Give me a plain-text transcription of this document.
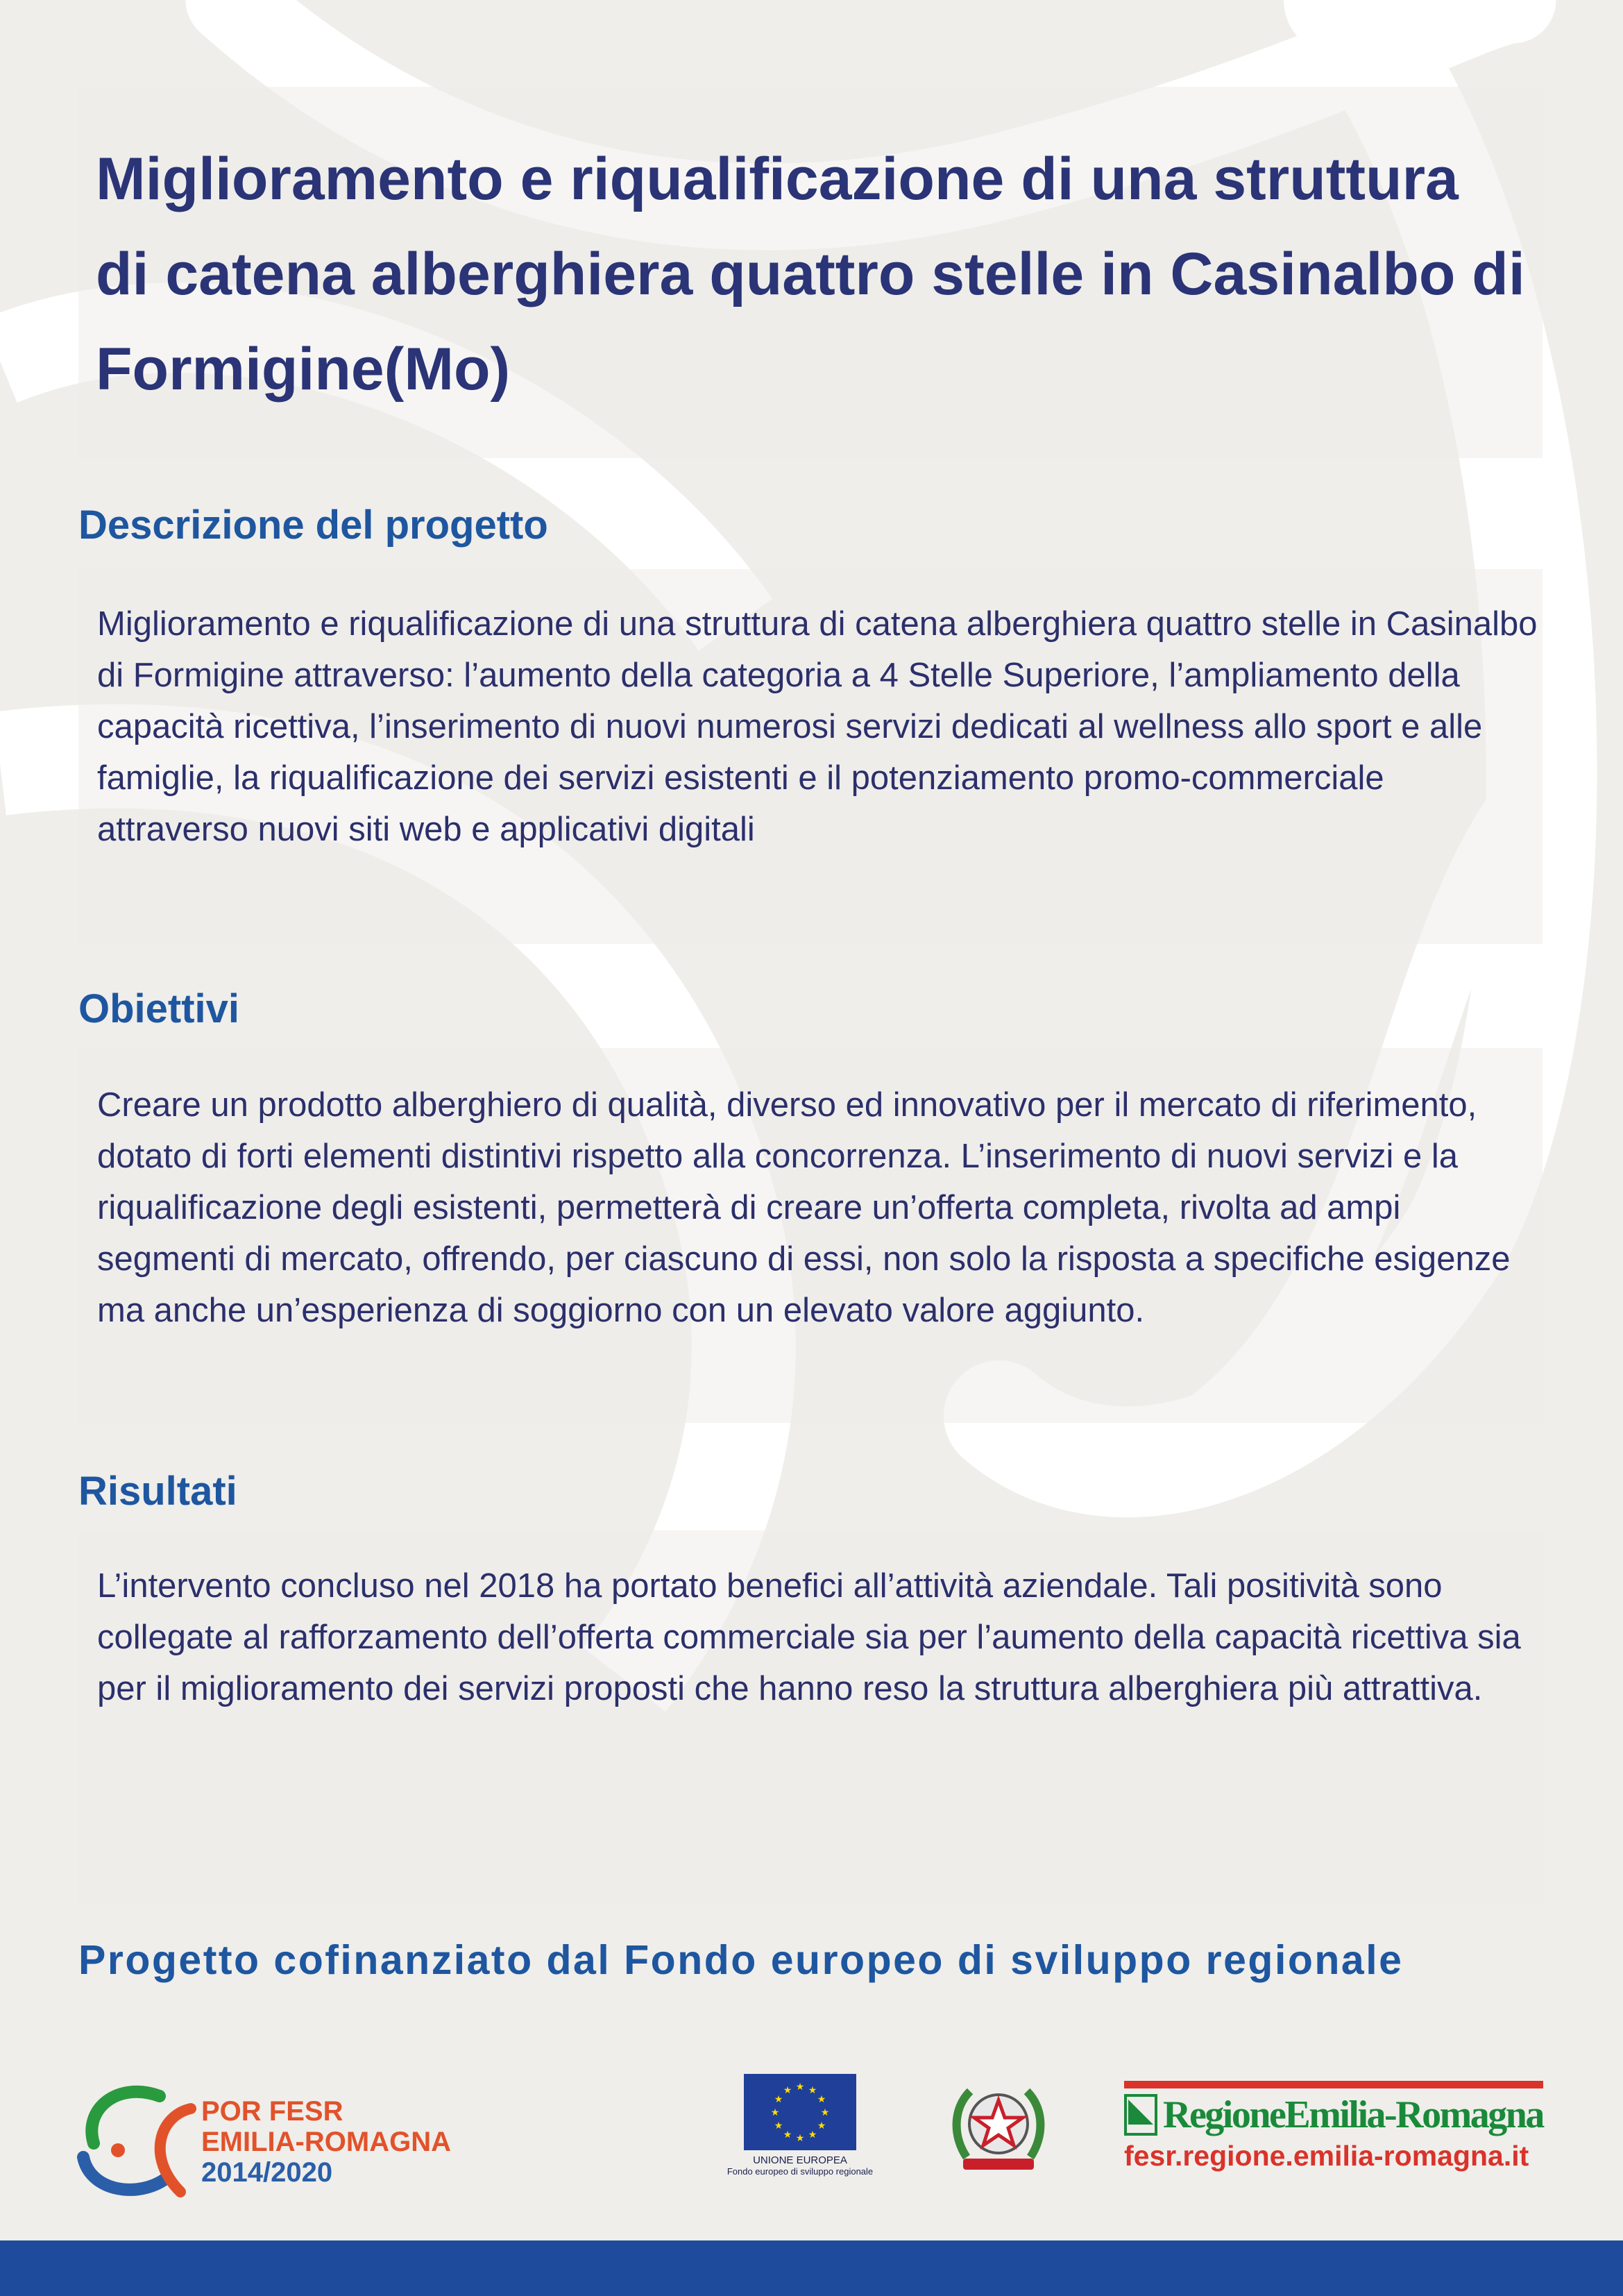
Miglioramento e riqualificazione di una struttura di catena alberghiera quattro stelle in Casinalbo di Formigine(Mo)
Descrizione del progetto

Miglioramento e riqualificazione di una struttura di catena alberghiera quattro stelle in Casinalbo di Formigine attraverso: l’aumento della categoria a 4 Stelle Superiore, l’ampliamento della capacità ricettiva, l’inserimento di nuovi numerosi servizi dedicati al wellness allo sport e alle famiglie, la riqualificazione dei servizi esistenti e il potenziamento promo-commerciale attraverso nuovi siti web e applicativi digitali

Obiettivi

Creare un prodotto alberghiero di qualità, diverso ed innovativo per il mercato di riferimento, dotato di forti elementi distintivi rispetto alla concorrenza. L’inserimento di nuovi servizi e la riqualificazione degli esistenti, permetterà di creare un’offerta completa, rivolta ad ampi segmenti di mercato, offrendo, per ciascuno di essi, non solo la risposta a specifiche esigenze ma anche un’esperienza di soggiorno con un elevato valore aggiunto.

Risultati

L’intervento concluso nel 2018 ha portato benefici all’attività aziendale. Tali positività sono collegate al rafforzamento dell’offerta commerciale sia per l’aumento della capacità ricettiva sia per il miglioramento dei servizi proposti che hanno reso la struttura alberghiera più attrattiva.

Progetto cofinanziato dal Fondo europeo di sviluppo regionale

POR FESR
EMILIA-ROMAGNA
2014/2020
★ ★
★
★
★
★
★
★
★
★
★
★
UNIONE EUROPEA
Fondo europeo di sviluppo regionale
RegioneEmilia-Romagna
fesr.regione.emilia-romagna.it
